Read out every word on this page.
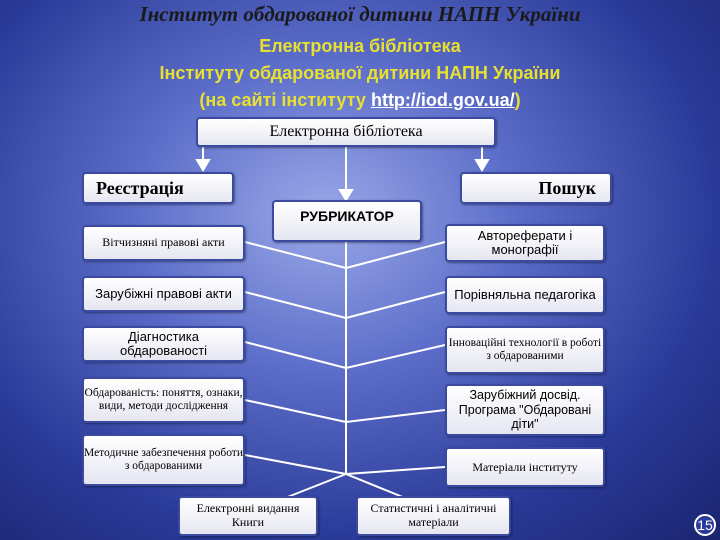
Інститут обдарованої дитини НАПН України
Електронна бібліотека
Інституту обдарованої дитини НАПН України
(на сайті інституту http://iod.gov.ua/)
Електронна бібліотека
Реєстрація	Пошук
РУБРИКАТОР
Вітчизняні правові акти
Зарубіжні правові акти
Діагностика обдарованості
Обдарованість: поняття, ознаки, види, методи дослідження
Методичне забезпечення роботи з обдарованими
Автореферати і монографії
Порівняльна педагогіка
Інноваційні технології в роботі з обдарованими
Зарубіжний досвід. Програма "Обдаровані діти"
Матеріали інституту
Електронні видання Книги
Статистичні і аналітичні матеріали	15
